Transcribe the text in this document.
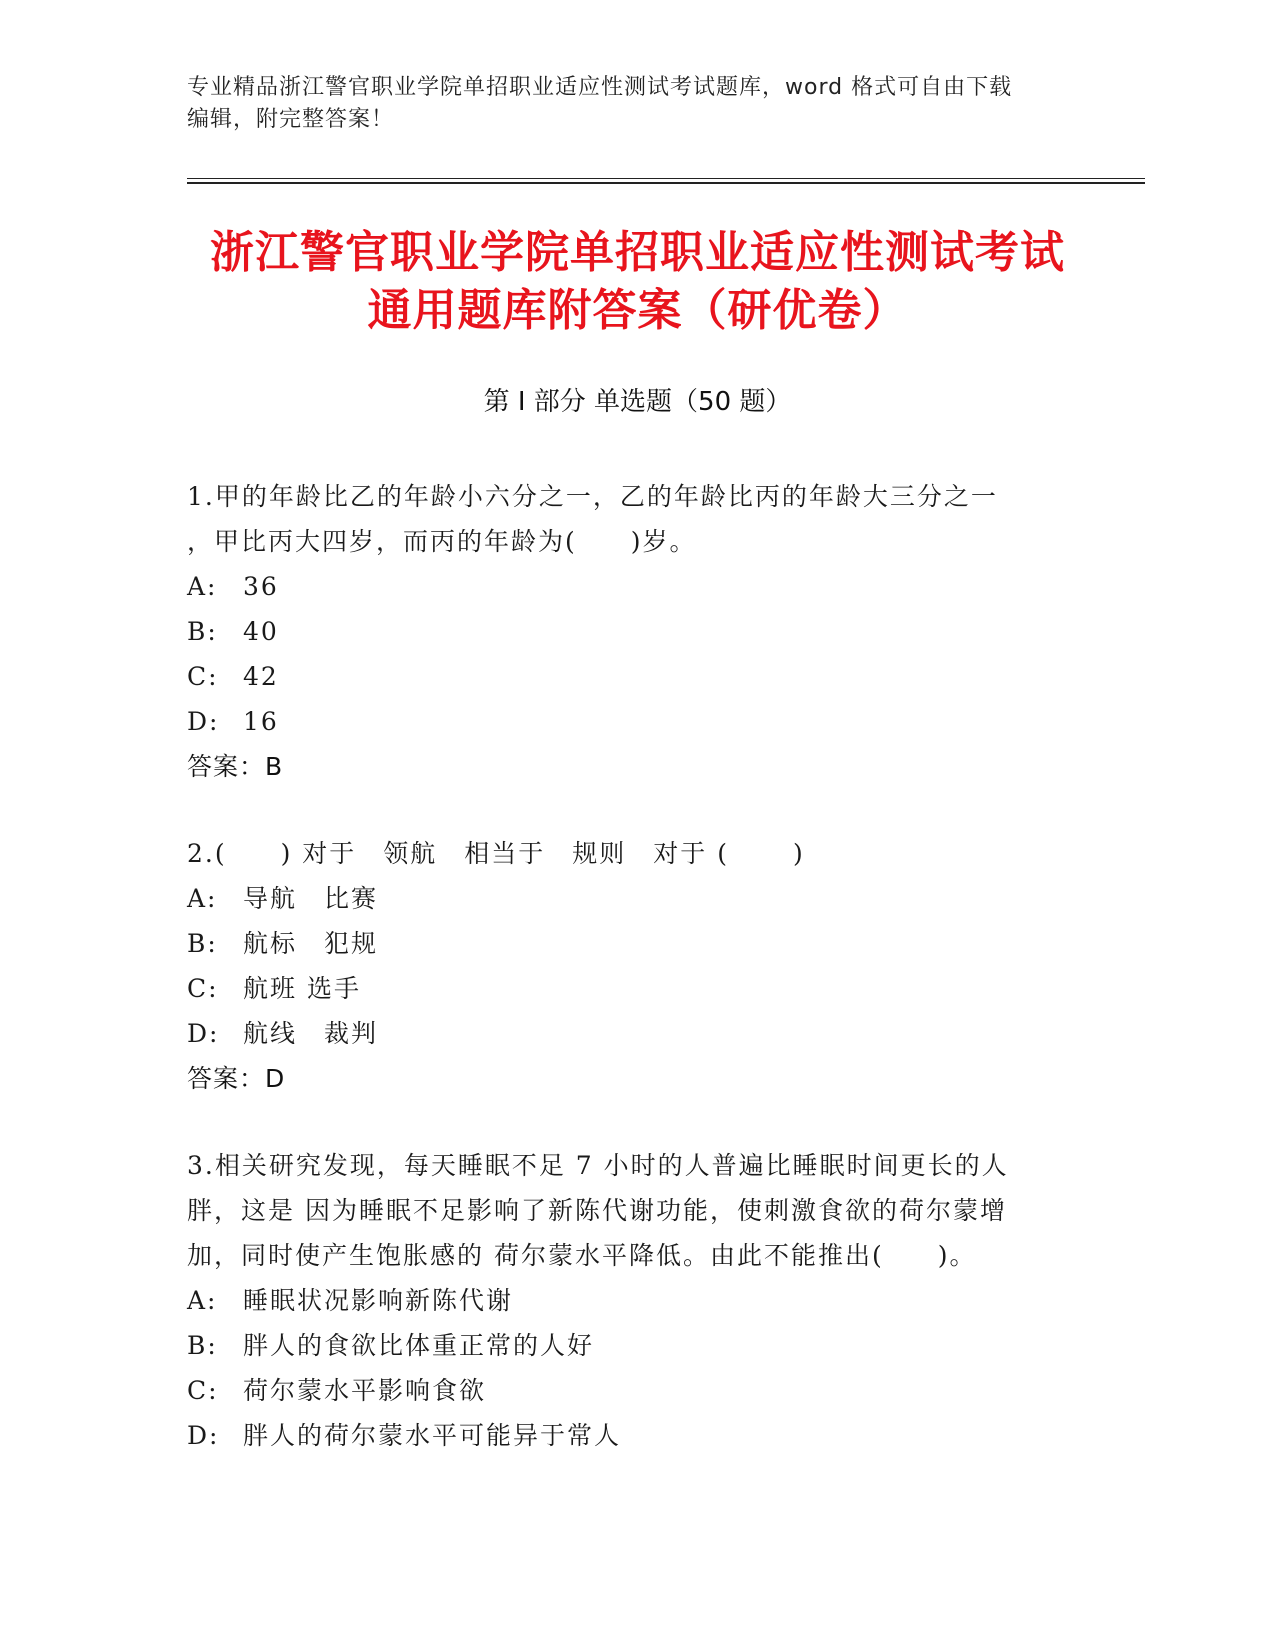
专业精品浙江警官职业学院单招职业适应性测试考试题库，word 格式可自由下载
编辑，附完整答案！
浙江警官职业学院单招职业适应性测试考试
通用题库附答案（研优卷）
第 I 部分 单选题（50 题）

1.甲的年龄比乙的年龄小六分之一，乙的年龄比丙的年龄大三分之一

，甲比丙大四岁，而丙的年龄为(　　)岁。

A:	36
B:	40
C: 42
D: 16
答案：B

2.(　　) 对于　领航　相当于　规则　对于 (　　 )

A:	导航　比赛
B:	航标　犯规
C: 航班 选手
D: 航线　裁判
答案：D

3.相关研究发现，每天睡眠不足 7 小时的人普遍比睡眠时间更长的人

胖，这是 因为睡眠不足影响了新陈代谢功能，使刺激食欲的荷尔蒙增

加，同时使产生饱胀感的 荷尔蒙水平降低。由此不能推出(　　)。

A:	睡眠状况影响新陈代谢
B:	胖人的食欲比体重正常的人好
C: 荷尔蒙水平影响食欲
D: 胖人的荷尔蒙水平可能异于常人
